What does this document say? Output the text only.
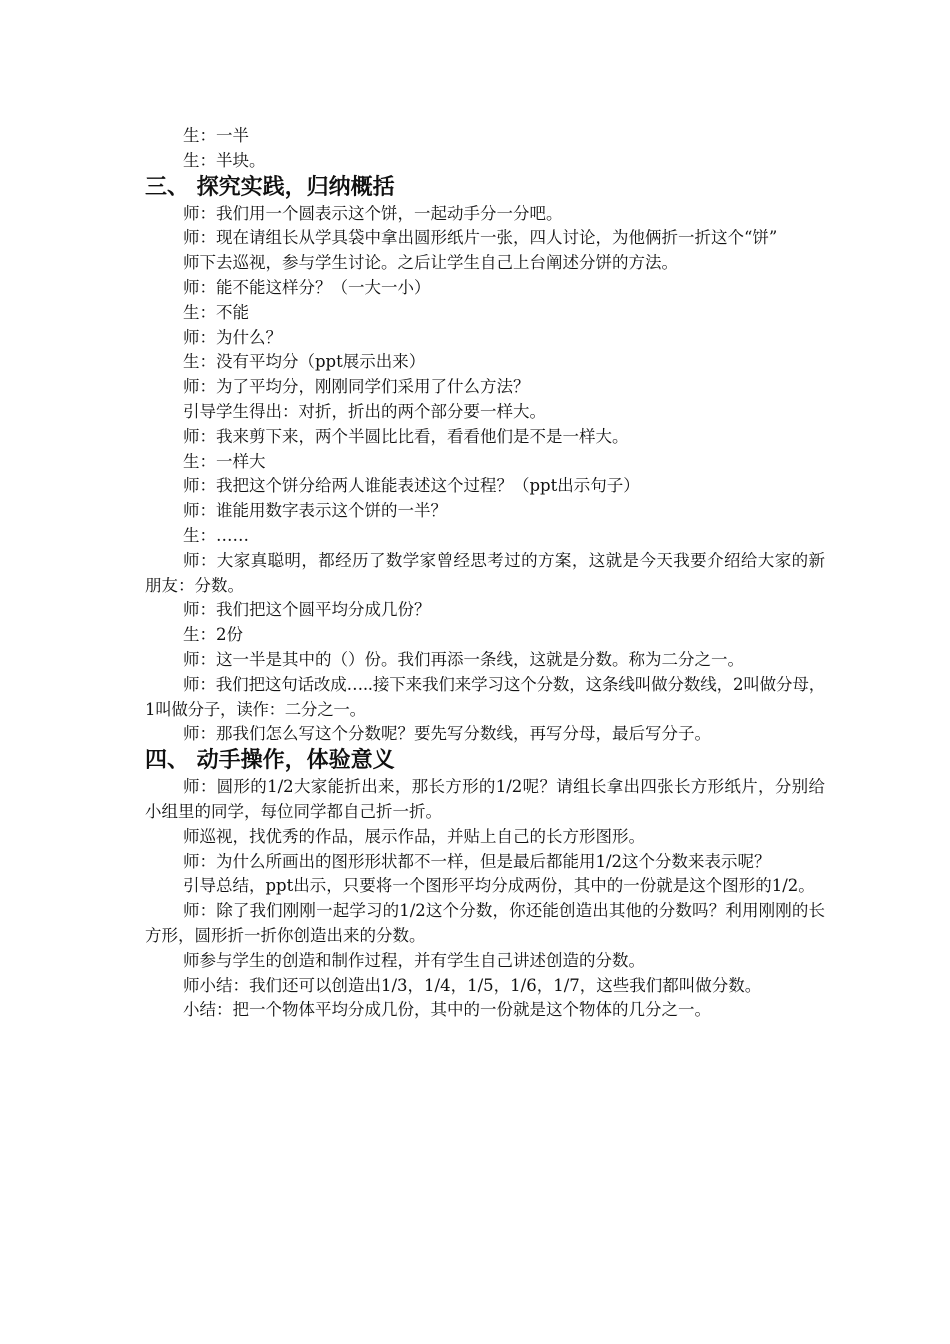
生：一半

生：半块。

三、 探究实践，归纳概括

师：我们用一个圆表示这个饼，一起动手分一分吧。

师：现在请组长从学具袋中拿出圆形纸片一张，四人讨论，为他俩折一折这个“饼”

师下去巡视，参与学生讨论。之后让学生自己上台阐述分饼的方法。

师：能不能这样分？（一大一小）

生：不能

师：为什么？

生：没有平均分（ppt展示出来）

师：为了平均分，刚刚同学们采用了什么方法？

引导学生得出：对折，折出的两个部分要一样大。

师：我来剪下来，两个半圆比比看，看看他们是不是一样大。

生：一样大

师：我把这个饼分给两人谁能表述这个过程？（ppt出示句子）

师：谁能用数字表示这个饼的一半？

生：……

师：大家真聪明，都经历了数学家曾经思考过的方案，这就是今天我要介绍给大家的新朋友：分数。

师：我们把这个圆平均分成几份？

生：2份

师：这一半是其中的（）份。我们再添一条线，这就是分数。称为二分之一。

师：我们把这句话改成…..接下来我们来学习这个分数，这条线叫做分数线，2叫做分母，1叫做分子，读作：二分之一。

师：那我们怎么写这个分数呢？要先写分数线，再写分母，最后写分子。

四、 动手操作，体验意义

师：圆形的1/2大家能折出来，那长方形的1/2呢？请组长拿出四张长方形纸片，分别给小组里的同学，每位同学都自己折一折。

师巡视，找优秀的作品，展示作品，并贴上自己的长方形图形。

师：为什么所画出的图形形状都不一样，但是最后都能用1/2这个分数来表示呢？

引导总结，ppt出示，只要将一个图形平均分成两份，其中的一份就是这个图形的1/2。

师：除了我们刚刚一起学习的1/2这个分数，你还能创造出其他的分数吗？利用刚刚的长方形，圆形折一折你创造出来的分数。

师参与学生的创造和制作过程，并有学生自己讲述创造的分数。

师小结：我们还可以创造出1/3，1/4，1/5，1/6，1/7，这些我们都叫做分数。

小结：把一个物体平均分成几份，其中的一份就是这个物体的几分之一。
